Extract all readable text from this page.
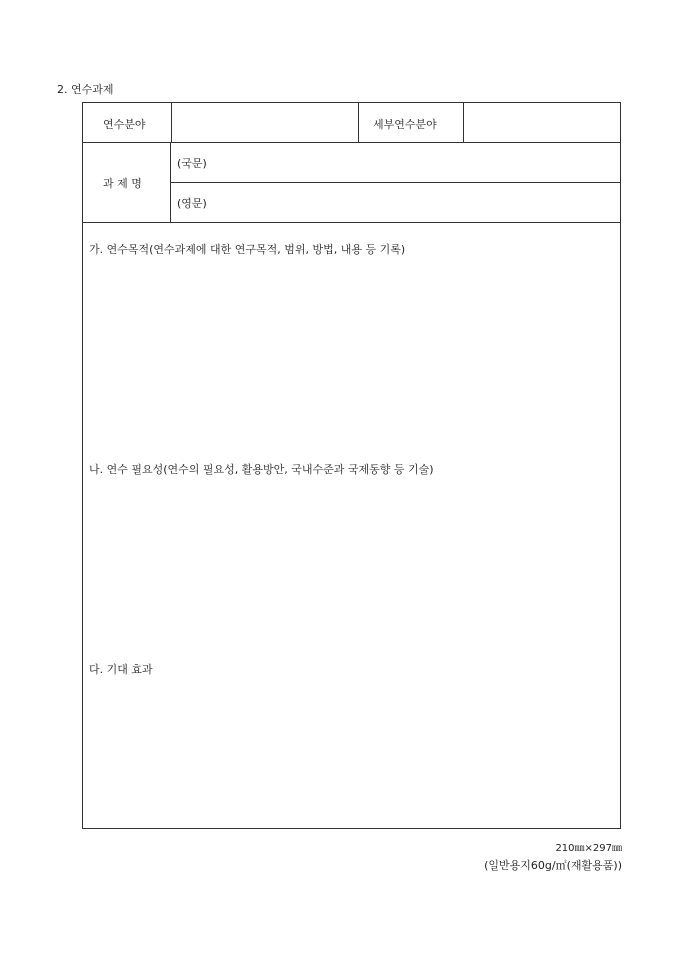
2. 연수과제
연수분야	세부연수분야
과 제 명
(국문)
(영문)
가. 연수목적(연수과제에 대한 연구목적, 범위, 방법, 내용 등 기록)
나. 연수 필요성(연수의 필요성, 활용방안, 국내수준과 국제동향 등 기술)
다. 기대 효과
210㎜×297㎜
(일반용지60g/㎡(재활용품))
